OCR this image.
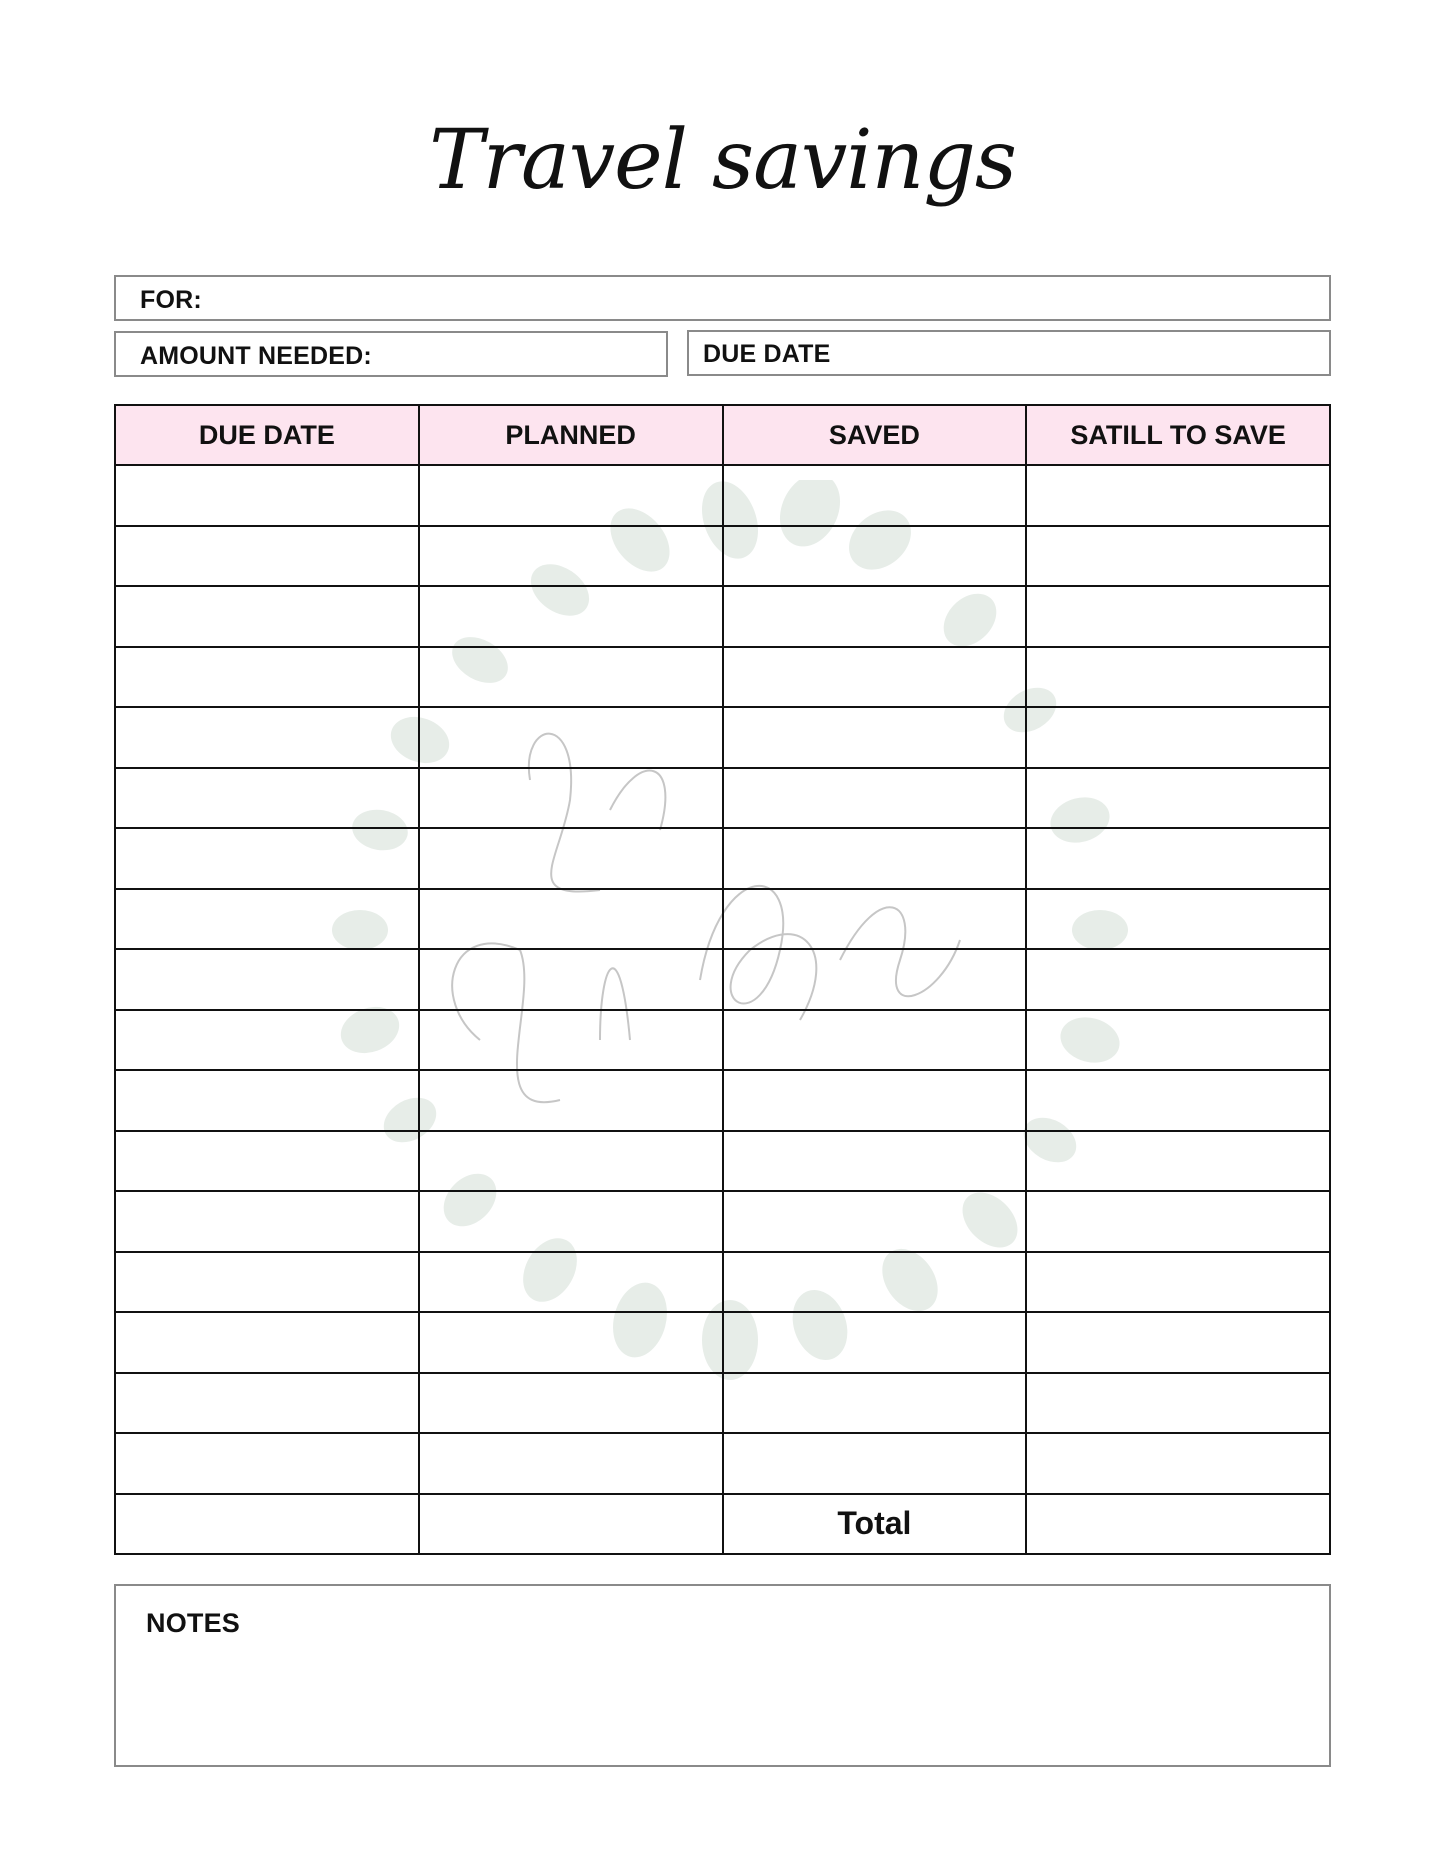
Travel savings
FOR:
AMOUNT NEEDED:	DUE DATE
DUE DATE	PLANNED	SAVED	SATILL TO SAVE

		Total	
NOTES
